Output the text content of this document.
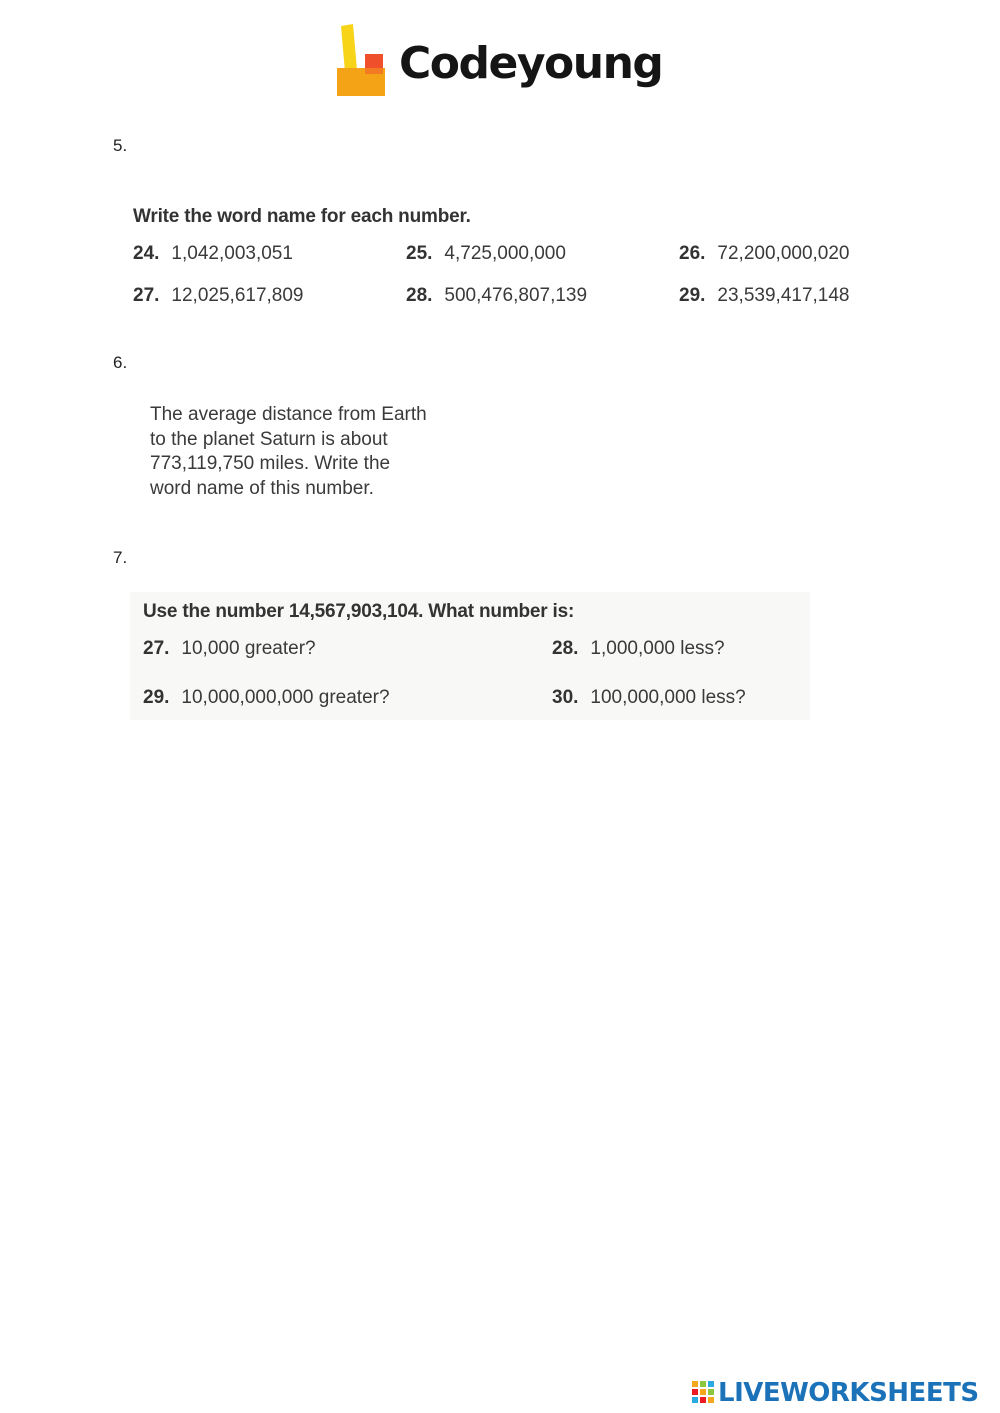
Codeyoung
5.
Write the word name for each number.
24. 1,042,003,051	25. 4,725,000,000	26. 72,200,000,020
27. 12,025,617,809	28. 500,476,807,139	29. 23,539,417,148
6.
The average distance from Earth
to the planet Saturn is about
773,119,750 miles. Write the
word name of this number.
7.
Use the number 14,567,903,104. What number is:
27. 10,000 greater?	28. 1,000,000 less?
29. 10,000,000,000 greater?	30. 100,000,000 less?
LIVEWORKSHEETS
